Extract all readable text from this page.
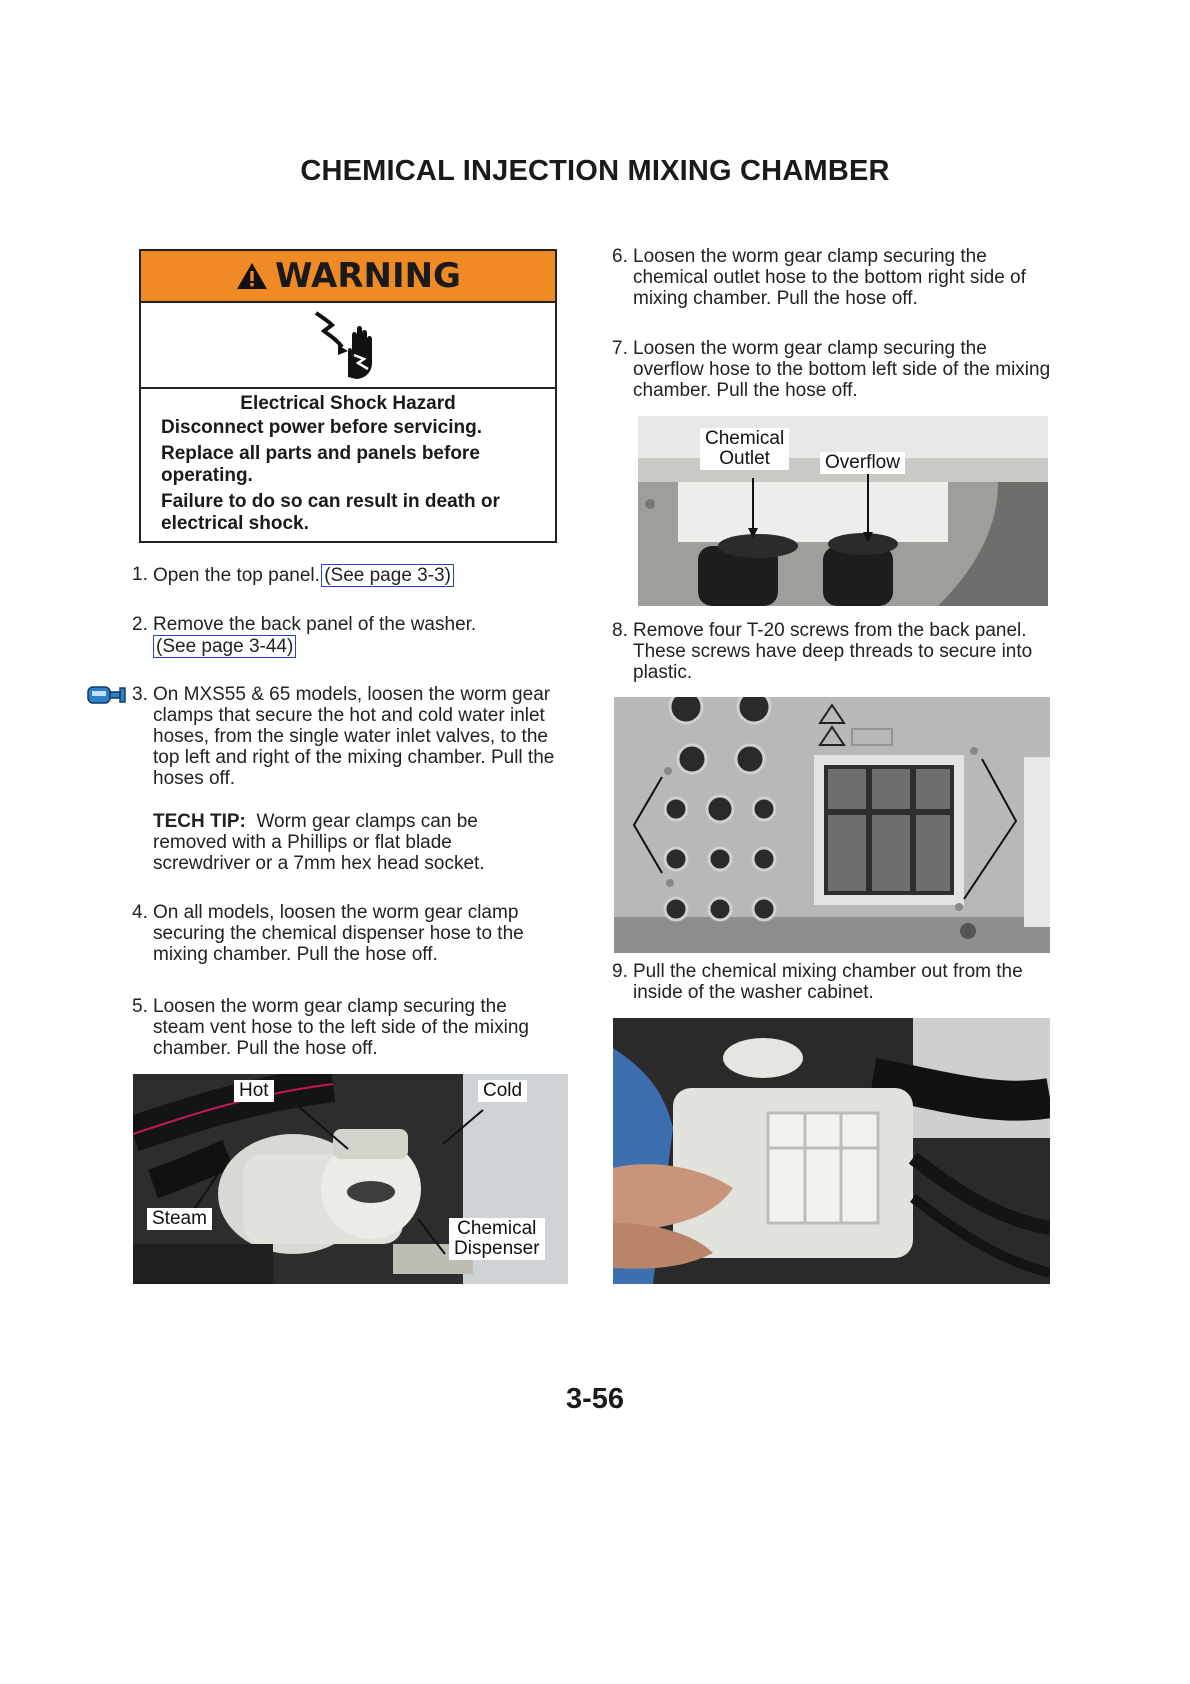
CHEMICAL INJECTION MIXING CHAMBER
WARNING
Electrical Shock Hazard

Disconnect power before servicing.

Replace all parts and panels before operating.

Failure to do so can result in death or electrical shock.

1. Open the top panel. (See page 3-3)
2. Remove the back panel of the washer.
(See page 3-44)
3. On MXS55 & 65 models, loosen the worm gear clamps that secure the hot and cold water inlet hoses, from the single water inlet valves, to the top left and right of the mixing chamber. Pull the hoses off.
TECH TIP: Worm gear clamps can be removed with a Phillips or flat blade screwdriver or a 7mm hex head socket.
4. On all models, loosen the worm gear clamp securing the chemical dispenser hose to the mixing chamber. Pull the hose off.
5. Loosen the worm gear clamp securing the steam vent hose to the left side of the mixing chamber. Pull the hose off.
Hot	Cold
Steam	Chemical
Dispenser
6. Loosen the worm gear clamp securing the chemical outlet hose to the bottom right side of mixing chamber. Pull the hose off.
7. Loosen the worm gear clamp securing the overflow hose to the bottom left side of the mixing chamber. Pull the hose off.
Chemical
Outlet	Overflow
8. Remove four T-20 screws from the back panel. These screws have deep threads to secure into plastic.
9. Pull the chemical mixing chamber out from the inside of the washer cabinet.
3-56
